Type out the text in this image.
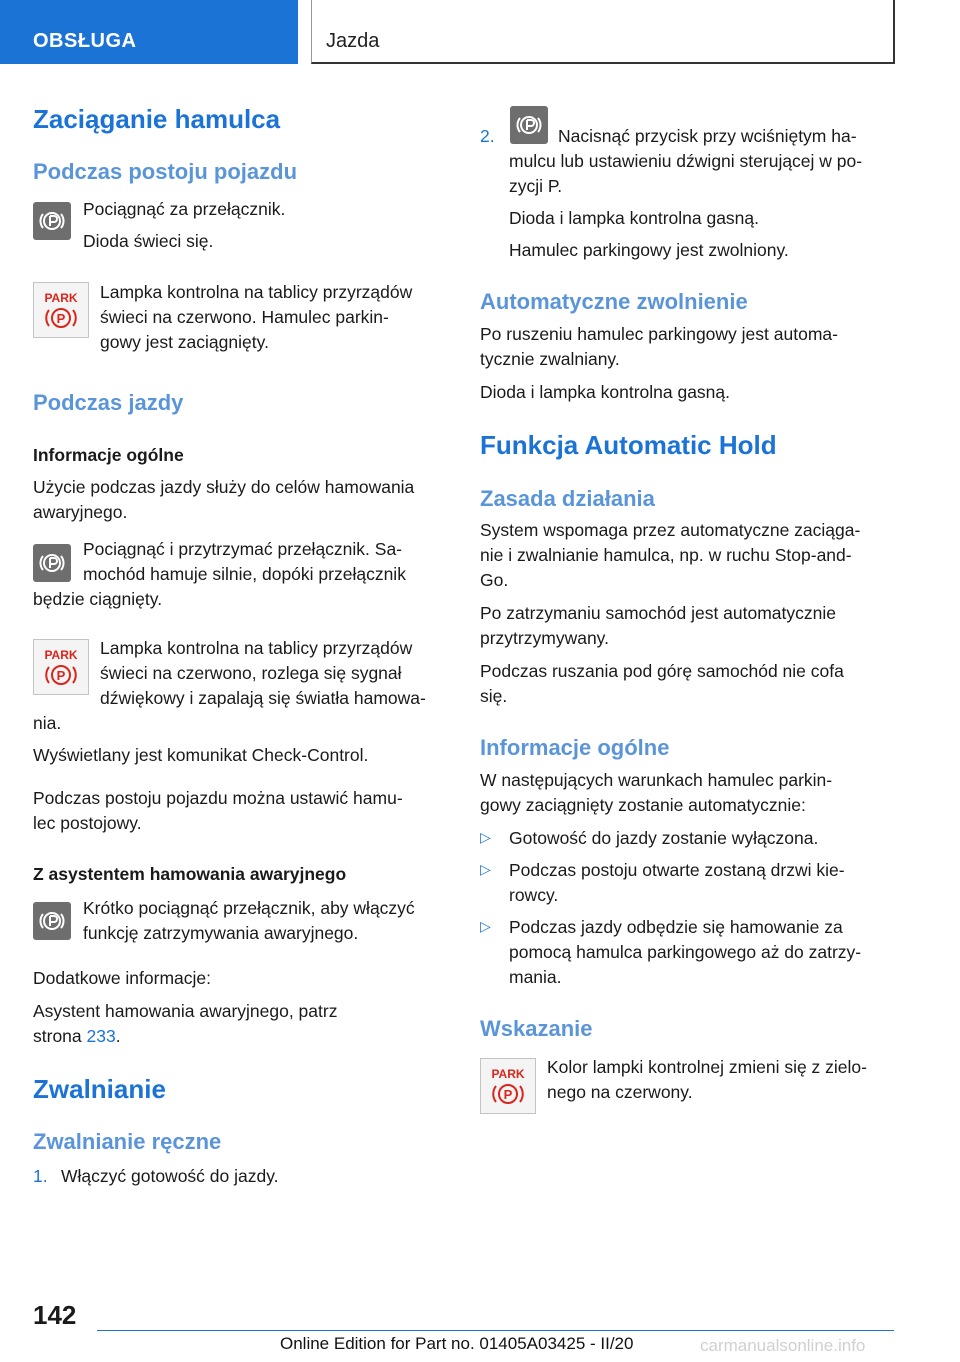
OBSŁUGA	Jazda
Zaciąganie hamulca
Podczas postoju pojazdu

Pociągnąć za przełącznik.

Dioda świeci się.

PARK
P

Lampka kontrolna na tablicy przyrządów

świeci na czerwono. Hamulec parkin-

gowy jest zaciągnięty.

Podczas jazdy
Informacje ogólne

Użycie podczas jazdy służy do celów hamowania

awaryjnego.

Pociągnąć i przytrzymać przełącznik. Sa-

mochód hamuje silnie, dopóki przełącznik

będzie ciągnięty.

PARK
P

Lampka kontrolna na tablicy przyrządów

świeci na czerwono, rozlega się sygnał

dźwiękowy i zapalają się światła hamowa-

nia.

Wyświetlany jest komunikat Check-Control.

Podczas postoju pojazdu można ustawić hamu-

lec postojowy.

Z asystentem hamowania awaryjnego

Krótko pociągnąć przełącznik, aby włączyć

funkcję zatrzymywania awaryjnego.

Dodatkowe informacje:

Asystent hamowania awaryjnego, patrz

strona 233.

Zwalnianie
Zwalnianie ręczne

1. Włączyć gotowość do jazdy.

2.	Nacisnąć przycisk przy wciśniętym ha-

mulcu lub ustawieniu dźwigni sterującej w po-

zycji P.

Dioda i lampka kontrolna gasną.

Hamulec parkingowy jest zwolniony.

Automatyczne zwolnienie

Po ruszeniu hamulec parkingowy jest automa-

tycznie zwalniany.

Dioda i lampka kontrolna gasną.

Funkcja Automatic Hold
Zasada działania

System wspomaga przez automatyczne zaciąga-

nie i zwalnianie hamulca, np. w ruchu Stop-and-

Go.

Po zatrzymaniu samochód jest automatycznie

przytrzymywany.

Podczas ruszania pod górę samochód nie cofa

się.

Informacje ogólne

W następujących warunkach hamulec parkin-

gowy zaciągnięty zostanie automatycznie:

▷ Gotowość do jazdy zostanie wyłączona.

▷ Podczas postoju otwarte zostaną drzwi kie-

rowcy.

▷ Podczas jazdy odbędzie się hamowanie za

pomocą hamulca parkingowego aż do zatrzy-

mania.

Wskazanie
PARK
P

Kolor lampki kontrolnej zmieni się z zielo-

nego na czerwony.

142
Online Edition for Part no. 01405A03425 - II/20	carmanualsonline.info
